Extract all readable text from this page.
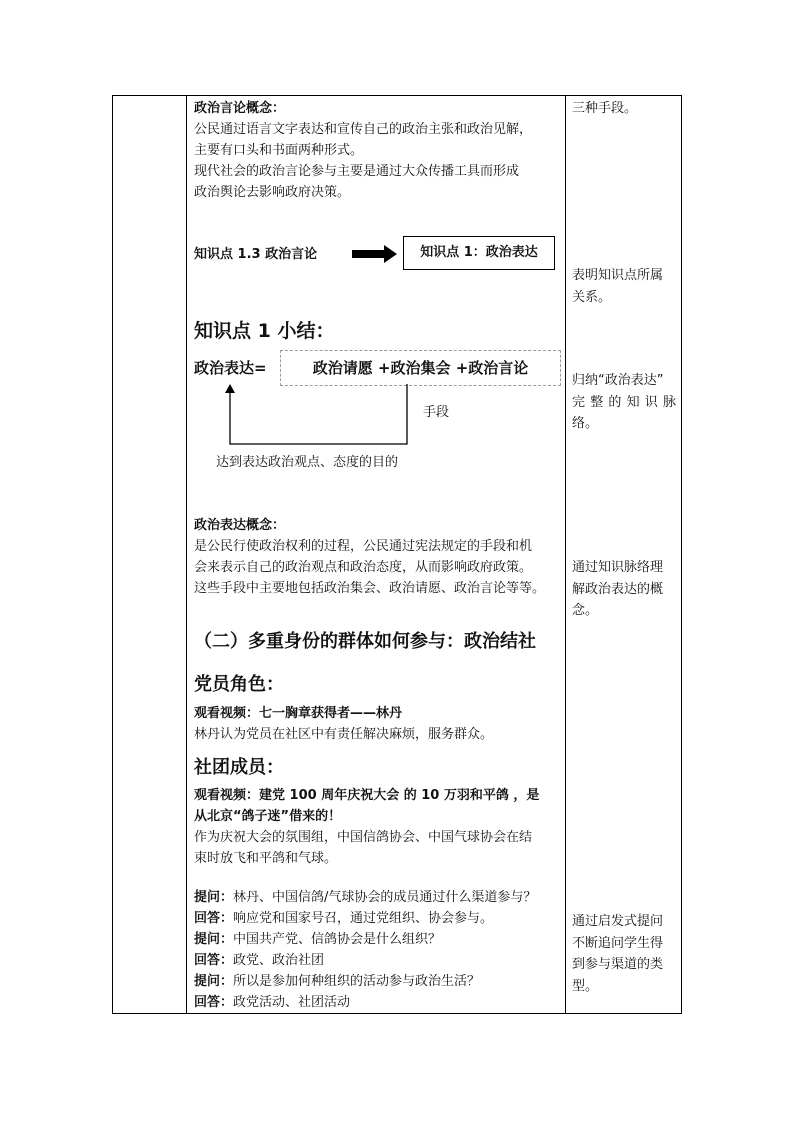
政治言论概念：
公民通过语言文字表达和宣传自己的政治主张和政治见解，
主要有口头和书面两种形式。
现代社会的政治言论参与主要是通过大众传播工具而形成
政治舆论去影响政府决策。
知识点 1.3 政治言论	知识点 1：政治表达
知识点 1 小结：
政治表达=	政治请愿 +政治集会 +政治言论
手段
达到表达政治观点、态度的目的
政治表达概念：
是公民行使政治权利的过程，公民通过宪法规定的手段和机
会来表示自己的政治观点和政治态度，从而影响政府政策。
这些手段中主要地包括政治集会、政治请愿、政治言论等等。
（二）多重身份的群体如何参与：政治结社
党员角色：
观看视频：七一胸章获得者——林丹
林丹认为党员在社区中有责任解决麻烦，服务群众。
社团成员：
观看视频：建党 100 周年庆祝大会 的 10 万羽和平鸽 ，是
从北京“鸽子迷”借来的！
作为庆祝大会的氛围组，中国信鸽协会、中国气球协会在结
束时放飞和平鸽和气球。
提问：林丹、中国信鸽/气球协会的成员通过什么渠道参与？
回答：响应党和国家号召，通过党组织、协会参与。
提问：中国共产党、信鸽协会是什么组织？
回答：政党、政治社团
提问：所以是参加何种组织的活动参与政治生活？
回答：政党活动、社团活动
三种手段。
表明知识点所属
关系。
归纳“政治表达”
完整的知识脉
络。
通过知识脉络理
解政治表达的概
念。
通过启发式提问
不断追问学生得
到参与渠道的类
型。
